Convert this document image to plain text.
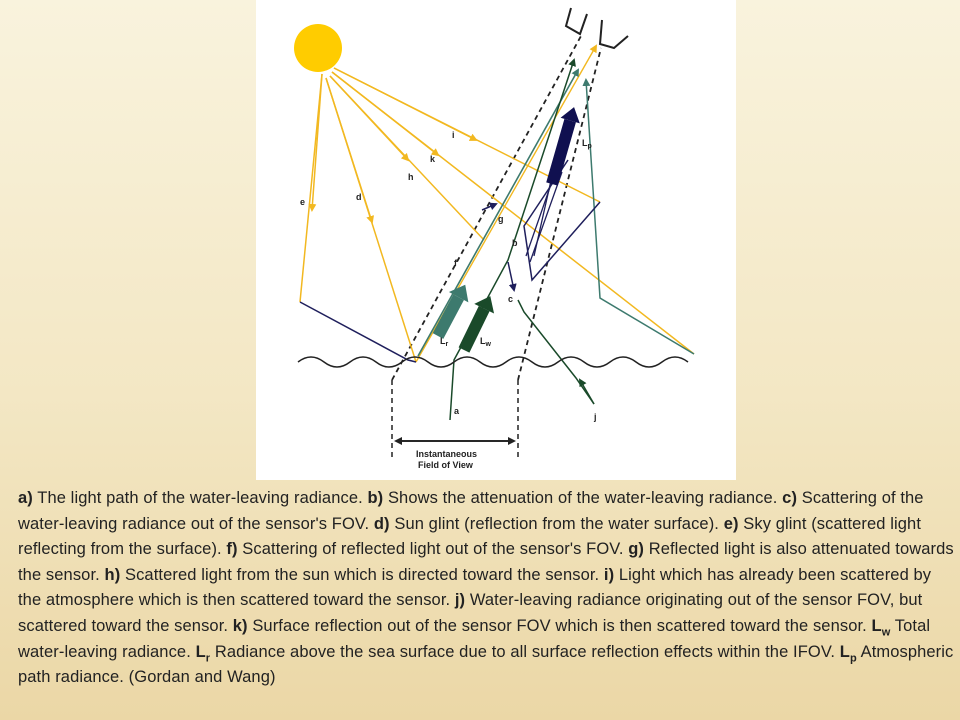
Instantaneous
Field of View
e	d
h
k
i
g
b
f
c
a
j
$L_r$	$L_w$
$L_p$
a) The light path of the water-leaving radiance. b) Shows the attenuation of the water-leaving radiance. c) Scattering of the water-leaving radiance out of the sensor's FOV. d) Sun glint (reflection from the water surface). e) Sky glint (scattered light reflecting from the surface). f) Scattering of reflected light out of the sensor's FOV. g) Reflected light is also attenuated towards the sensor. h) Scattered light from the sun which is directed toward the sensor. i) Light which has already been scattered by the atmosphere which is then scattered toward the sensor. j) Water-leaving radiance originating out of the sensor FOV, but scattered toward the sensor. k) Surface reflection out of the sensor FOV which is then scattered toward the sensor. $L_w$ Total water-leaving radiance. $L_r$ Radiance above the sea surface due to all surface reflection effects within the IFOV. $L_p$ Atmospheric path radiance. (Gordan and Wang)
